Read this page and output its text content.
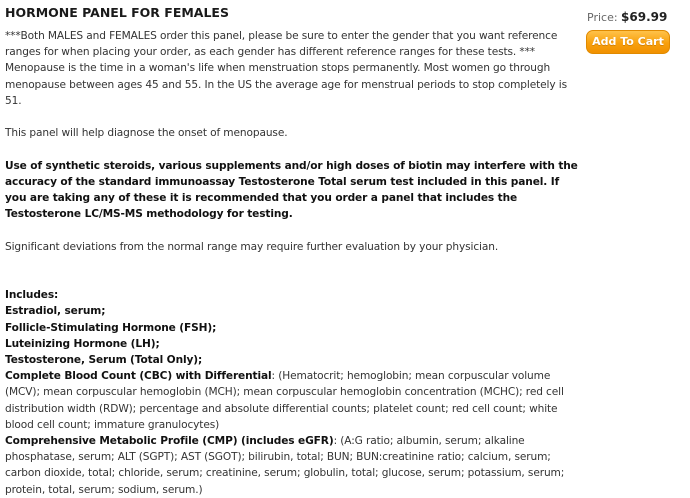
HORMONE PANEL FOR FEMALES

***Both MALES and FEMALES order this panel, please be sure to enter the gender that you want reference ranges for when placing your order, as each gender has different reference ranges for these tests. ***

Menopause is the time in a woman's life when menstruation stops permanently. Most women go through menopause between ages 45 and 55. In the US the average age for menstrual periods to stop completely is 51.

This panel will help diagnose the onset of menopause.

Use of synthetic steroids, various supplements and/or high doses of biotin may interfere with the accuracy of the standard immunoassay Testosterone Total serum test included in this panel. If you are taking any of these it is recommended that you order a panel that includes the Testosterone LC/MS-MS methodology for testing.

Significant deviations from the normal range may require further evaluation by your physician.

Includes:

Estradiol, serum;

Follicle-Stimulating Hormone (FSH);

Luteinizing Hormone (LH);

Testosterone, Serum (Total Only);

Complete Blood Count (CBC) with Differential: (Hematocrit; hemoglobin; mean corpuscular volume (MCV); mean corpuscular hemoglobin (MCH); mean corpuscular hemoglobin concentration (MCHC); red cell distribution width (RDW); percentage and absolute differential counts; platelet count; red cell count; white blood cell count; immature granulocytes)

Comprehensive Metabolic Profile (CMP) (includes eGFR): (A:G ratio; albumin, serum; alkaline phosphatase, serum; ALT (SGPT); AST (SGOT); bilirubin, total; BUN; BUN:creatinine ratio; calcium, serum; carbon dioxide, total; chloride, serum; creatinine, serum; globulin, total; glucose, serum; potassium, serum; protein, total, serum; sodium, serum.)

Price: $69.99
Add To Cart
